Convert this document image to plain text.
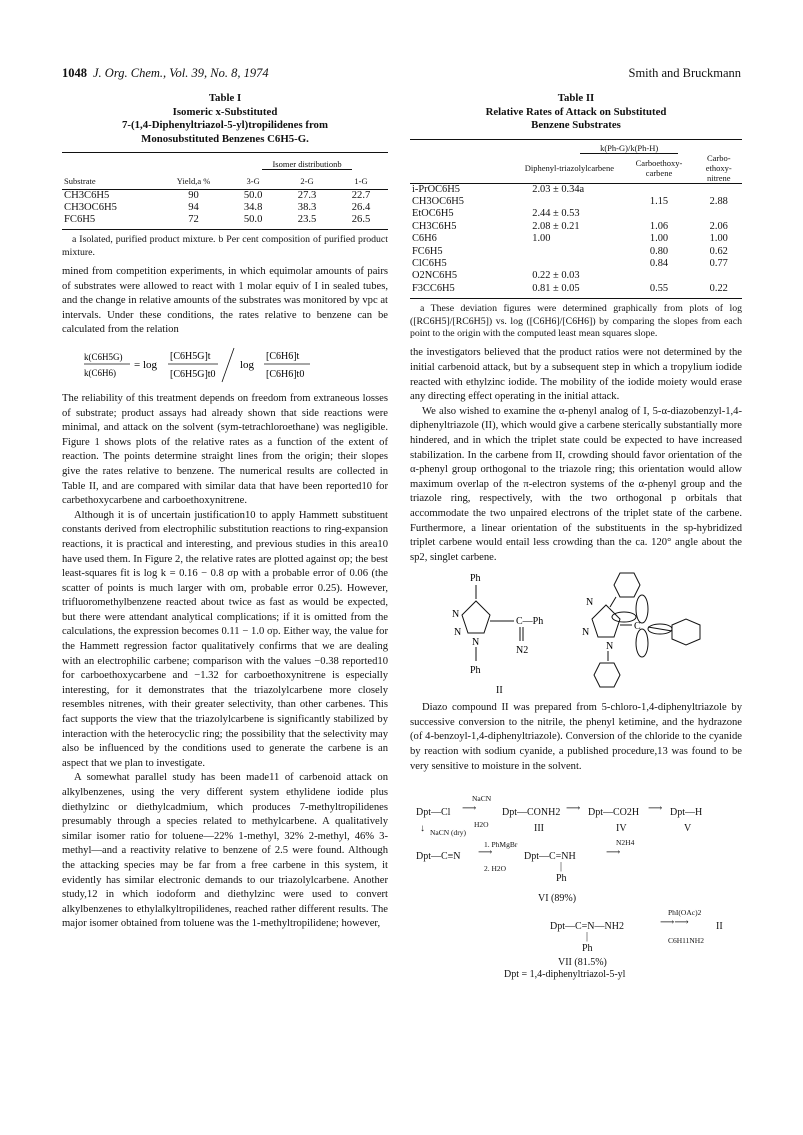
1048 J. Org. Chem., Vol. 39, No. 8, 1974	Smith and Bruckmann
Table I
Isomeric x-Substituted
7-(1,4-Diphenyltriazol-5-yl)tropilidenes from
Monosubstituted Benzenes C6H5-G.
		Isomer distributionb		
Substrate	Yield,a %	3-G	2-G	1-G
CH3C6H5	90	50.0	27.3	22.7
CH3OC6H5	94	34.8	38.3	26.4
FC6H5	72	50.0	23.5	26.5

a Isolated, purified product mixture. b Per cent composition of purified product mixture.

mined from competition experiments, in which equimolar amounts of pairs of substrates were allowed to react with 1 molar equiv of I in sealed tubes, and the change in relative amounts of the substrates was monitored by vpc at intervals. Under these conditions, the rates relative to benzene can be calculated from the relation

k(C6H5G)
k(C6H6)
= log
[C6H5G]t
[C6H5G]t0
log
[C6H6]t
[C6H6]t0

The reliability of this treatment depends on freedom from extraneous losses of substrate; product assays had already shown that side reactions were minimal, and attack on the solvent (sym-tetrachloroethane) was negligible. Figure 1 shows plots of the relative rates as a function of the extent of reaction. The points determine straight lines from the origin; their slopes give the rates relative to benzene. The numerical results are collected in Table II, and are compared with similar data that have been reported10 for carbethoxycarbene and carboethoxynitrene.

Although it is of uncertain justification10 to apply Hammett substituent constants derived from electrophilic substitution reactions to ring-expansion reactions, it is practical and interesting, and previous studies in this area10 have used them. In Figure 2, the relative rates are plotted against σp; the best least-squares fit is log k = 0.16 − 0.8 σp with a probable error of 0.06 (the scatter of points is much larger with σm, probable error 0.25). However, trifluoromethylbenzene reacted about twice as fast as would be expected, but there were attendant analytical complications; if it is omitted from the calculations, the expression becomes 0.11 − 1.0 σp. Either way, the value for the Hammett regression factor qualitatively confirms that we are dealing with an electrophilic carbene; comparison with the values −0.38 reported10 for carboethoxycarbene and −1.32 for carboethoxynitrene is especially interesting, for it demonstrates that the triazolylcarbene more closely resembles nitrenes, with their greater selectivity, than other carbenes. This fact supports the view that the triazolylcarbene is significantly stabilized by interaction with the heterocyclic ring; the possibility that the selectivity may also be influenced by the conditions used to generate the carbene is an aspect that we plan to investigate.

A somewhat parallel study has been made11 of carbenoid attack on alkylbenzenes, using the very different system ethylidene iodide plus diethylzinc or diethylcadmium, which produces 7-methyltropilidenes presumably through a species related to methylcarbene. A qualitatively similar isomer ratio for toluene—22% 1-methyl, 32% 2-methyl, 46% 3-methyl—and a reactivity relative to benzene of 2.5 were found. Although the attacking species may be far from a free carbene in this system, it evidently has similar electronic demands to our triazolylcarbene. Another study,12 in which iodoform and diethylzinc were used to convert alkylbenzenes to ethylalkyltropilidenes, reached rather different results. The major isomer obtained from toluene was the 1-methyltropilidene; however,

Table II
Relative Rates of Attack on Substituted
Benzene Substrates
	k(Ph-G)/k(Ph-H)		
	Diphenyl-triazolylcarbene	Carboethoxy-carbene	Carbo-ethoxy-nitrene
i-PrOC6H5	2.03 ± 0.34a		
CH3OC6H5		1.15	2.88
EtOC6H5	2.44 ± 0.53		
CH3C6H5	2.08 ± 0.21	1.06	2.06
C6H6	1.00	1.00	1.00
FC6H5		0.80	0.62
ClC6H5		0.84	0.77
O2NC6H5	0.22 ± 0.03		
F3CC6H5	0.81 ± 0.05	0.55	0.22

a These deviation figures were determined graphically from plots of log ([RC6H5]/[RC6H5]) vs. log ([C6H6]/[C6H6]) by comparing the slopes from each point to the origin with the computed least mean squares slope.

the investigators believed that the product ratios were not determined by the initial carbenoid attack, but by a subsequent step in which a tropylium iodide reacted with ethylzinc iodide. The mobility of the iodide moiety would erase any directing effect operating in the initial attack.

We also wished to examine the α-phenyl analog of I, 5-α-diazobenzyl-1,4-diphenyltriazole (II), which would give a carbene sterically substantially more hindered, and in which the triplet state could be expected to have increased stabilization. In the carbene from II, crowding should favor orientation of the α-phenyl group orthogonal to the triazole ring; this orientation would allow maximum overlap of the π-electron systems of the α-phenyl group and the triazole ring, respectively, with the two orthogonal p orbitals that accommodate the two unpaired electrons of the triplet state of the carbene. Furthermore, a linear orientation of the substituents in the sp-hybridized triplet carbene would entail less crowding than the ca. 120° angle about the sp2, singlet carbene.

Ph
N
N
N
C—Ph
N2
Ph
II
N
N
N
C

Diazo compound II was prepared from 5-chloro-1,4-diphenyltriazole by successive conversion to the nitrile, the phenyl ketimine, and the hydrazone (of 4-benzoyl-1,4-diphenyltriazole). Conversion of the chloride to the cyanide by reaction with sodium cyanide, a published procedure,13 was found to be very sensitive to moisture in the solvent.

Dpt—Cl
NaCN
⟶
H2O
Dpt—CONH2 ⟶ Dpt—CO2H ⟶ Dpt—H
III	IV	V
↓ NaCN (dry)
Dpt—C≡N
1. PhMgBr
⟶
2. H2O
Dpt—C=NH
|
Ph
N2H4
⟶
VI (89%)
Dpt—C=N—NH2
|
Ph
PhI(OAc)2
⟶⟶
C6H11NH2
II
VII (81.5%)
Dpt = 1,4-diphenyltriazol-5-yl
